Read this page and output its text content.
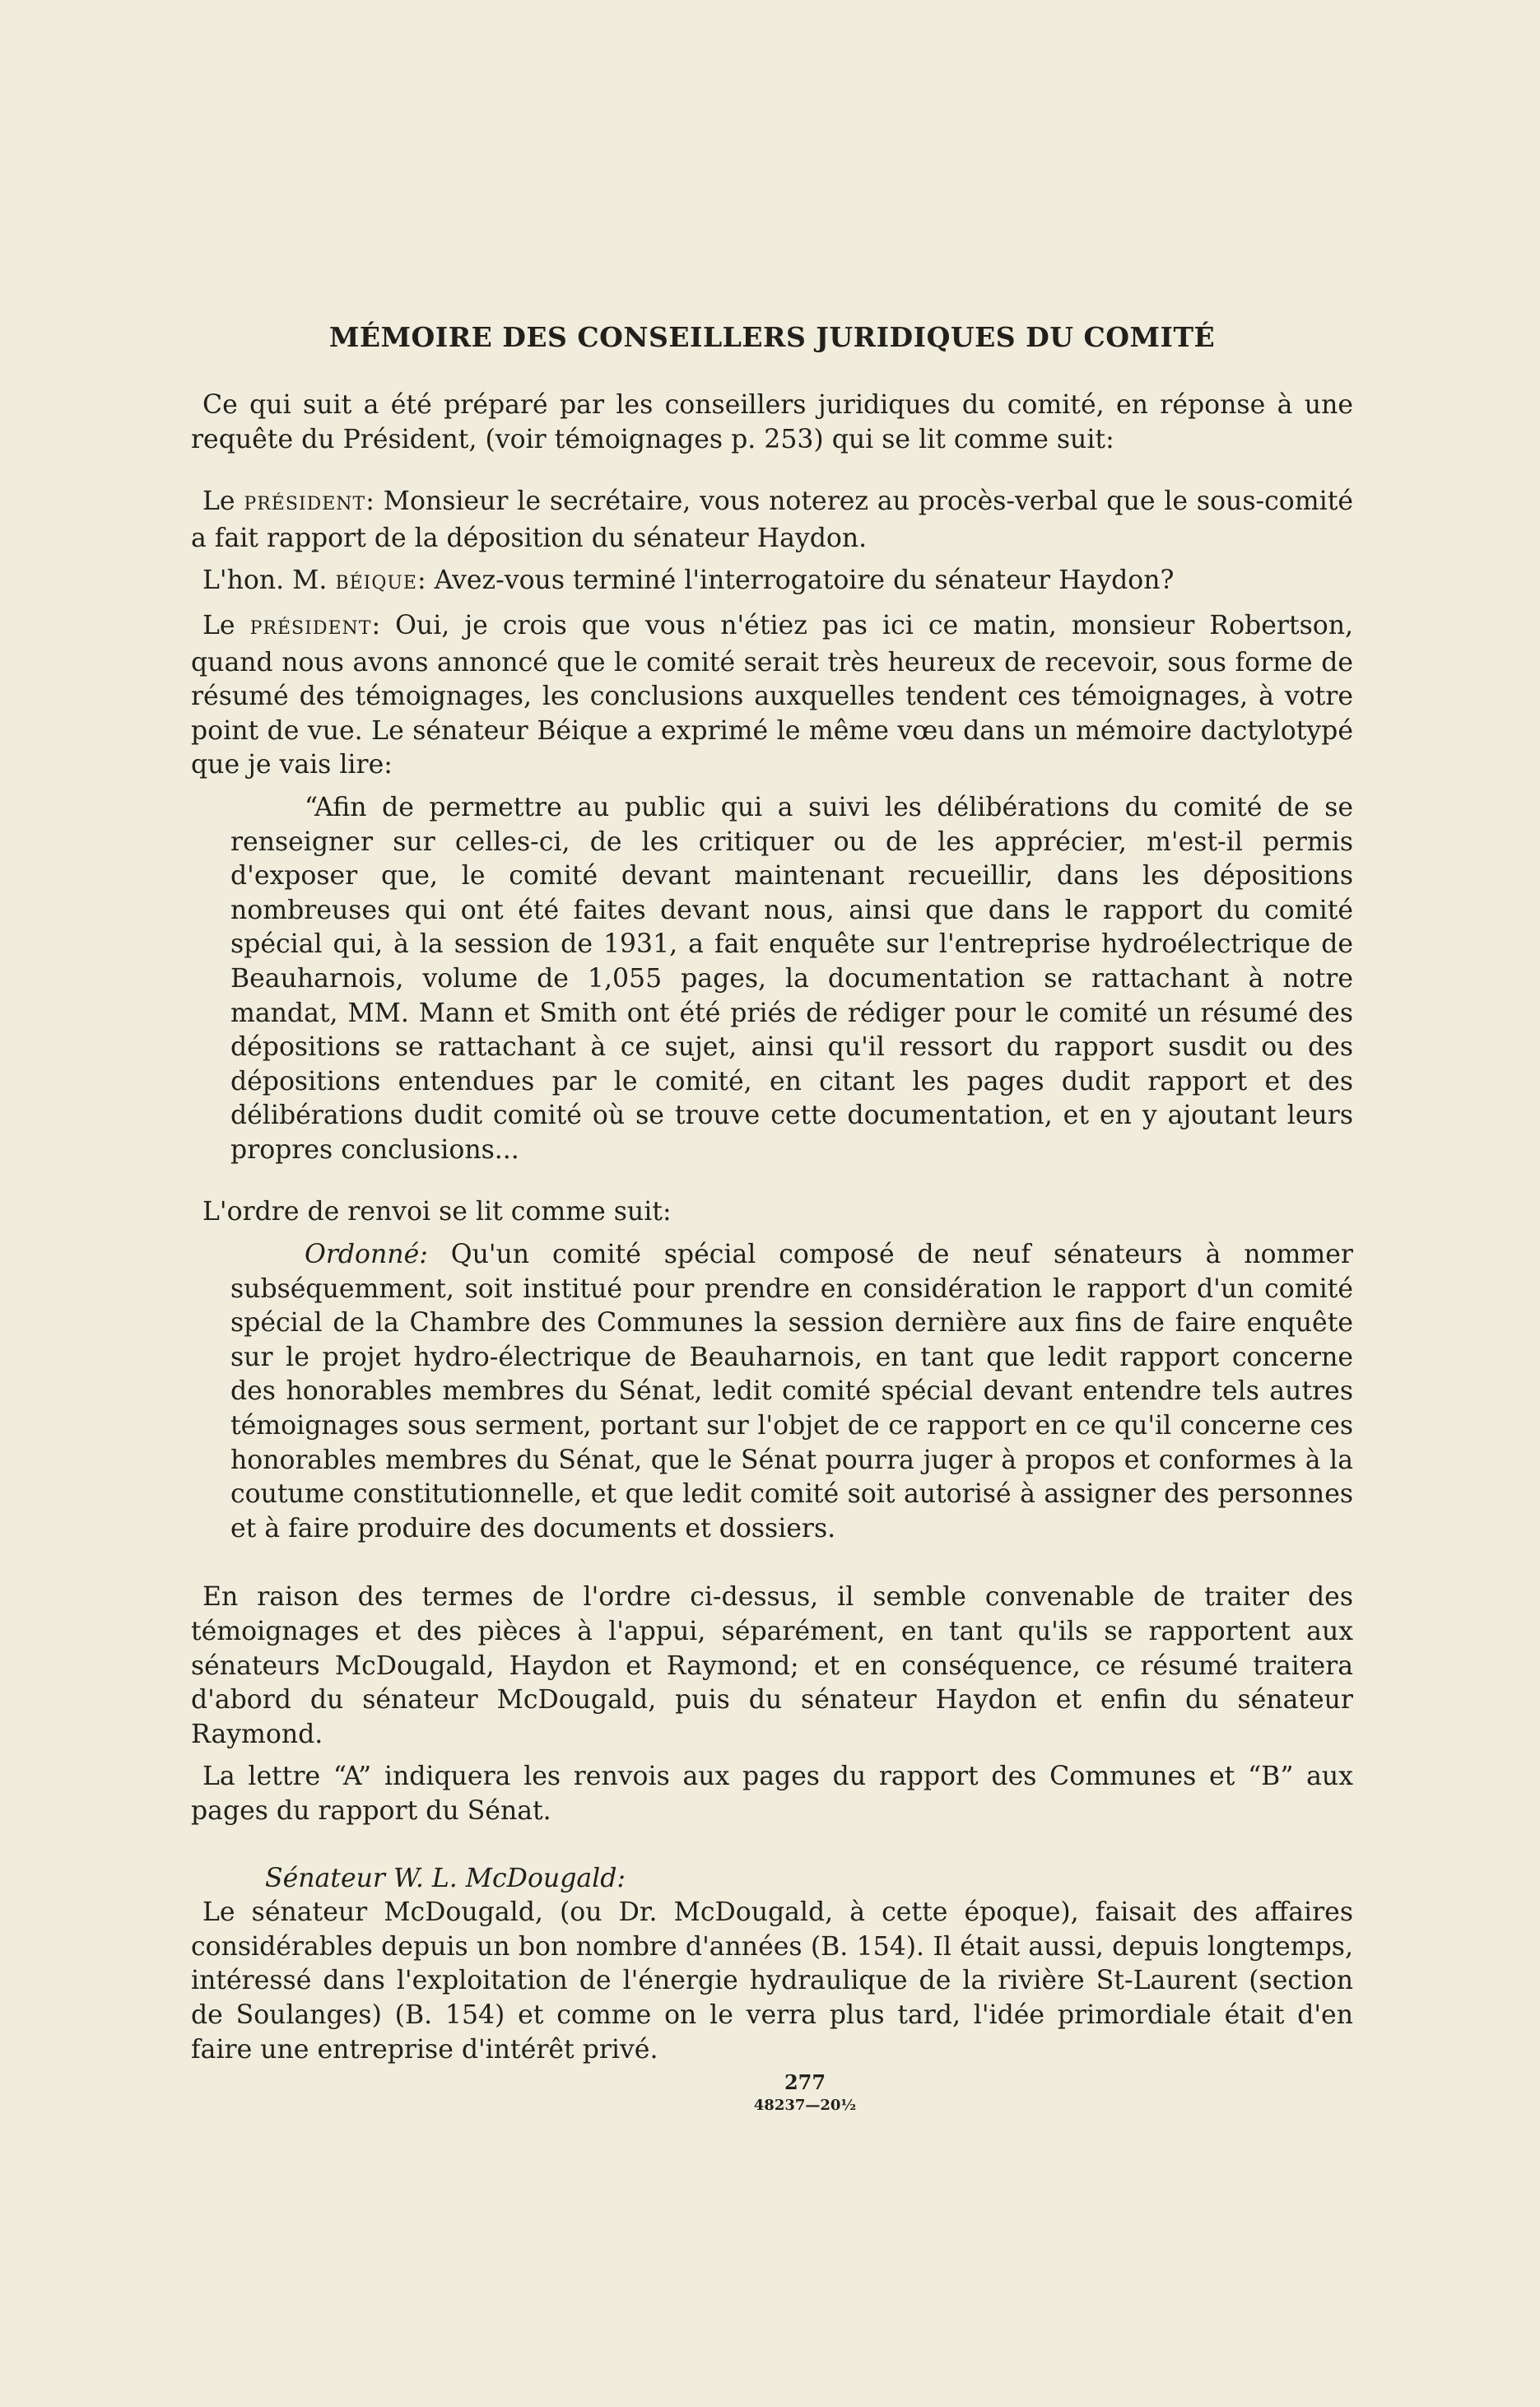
MÉMOIRE DES CONSEILLERS JURIDIQUES DU COMITÉ

Ce qui suit a été préparé par les conseillers juridiques du comité, en réponse à une requête du Président, (voir témoignages p. 253) qui se lit comme suit:

Le PRÉSIDENT: Monsieur le secrétaire, vous noterez au procès-verbal que le sous-comité a fait rapport de la déposition du sénateur Haydon.

L'hon. M. BÉIQUE: Avez-vous terminé l'interrogatoire du sénateur Haydon?

Le PRÉSIDENT: Oui, je crois que vous n'étiez pas ici ce matin, monsieur Robertson, quand nous avons annoncé que le comité serait très heureux de recevoir, sous forme de résumé des témoignages, les conclusions auxquelles tendent ces témoignages, à votre point de vue. Le sénateur Béique a exprimé le même vœu dans un mémoire dactylotypé que je vais lire:

“Afin de permettre au public qui a suivi les délibérations du comité de se renseigner sur celles-ci, de les critiquer ou de les apprécier, m'est-il permis d'exposer que, le comité devant maintenant recueillir, dans les dépositions nombreuses qui ont été faites devant nous, ainsi que dans le rapport du comité spécial qui, à la session de 1931, a fait enquête sur l'entreprise hydroélectrique de Beauharnois, volume de 1,055 pages, la documentation se rattachant à notre mandat, MM. Mann et Smith ont été priés de rédiger pour le comité un résumé des dépositions se rattachant à ce sujet, ainsi qu'il ressort du rapport susdit ou des dépositions entendues par le comité, en citant les pages dudit rapport et des délibérations dudit comité où se trouve cette documentation, et en y ajoutant leurs propres conclusions...

L'ordre de renvoi se lit comme suit:

Ordonné: Qu'un comité spécial composé de neuf sénateurs à nommer subséquemment, soit institué pour prendre en considération le rapport d'un comité spécial de la Chambre des Communes la session dernière aux fins de faire enquête sur le projet hydro-électrique de Beauharnois, en tant que ledit rapport concerne des honorables membres du Sénat, ledit comité spécial devant entendre tels autres témoignages sous serment, portant sur l'objet de ce rapport en ce qu'il concerne ces honorables membres du Sénat, que le Sénat pourra juger à propos et conformes à la coutume constitutionnelle, et que ledit comité soit autorisé à assigner des personnes et à faire produire des documents et dossiers.

En raison des termes de l'ordre ci-dessus, il semble convenable de traiter des témoignages et des pièces à l'appui, séparément, en tant qu'ils se rapportent aux sénateurs McDougald, Haydon et Raymond; et en conséquence, ce résumé traitera d'abord du sénateur McDougald, puis du sénateur Haydon et enfin du sénateur Raymond.

La lettre “A” indiquera les renvois aux pages du rapport des Communes et “B” aux pages du rapport du Sénat.

Sénateur W. L. McDougald:

Le sénateur McDougald, (ou Dr. McDougald, à cette époque), faisait des affaires considérables depuis un bon nombre d'années (B. 154). Il était aussi, depuis longtemps, intéressé dans l'exploitation de l'énergie hydraulique de la rivière St-Laurent (section de Soulanges) (B. 154) et comme on le verra plus tard, l'idée primordiale était d'en faire une entreprise d'intérêt privé.

277
48237—20½
